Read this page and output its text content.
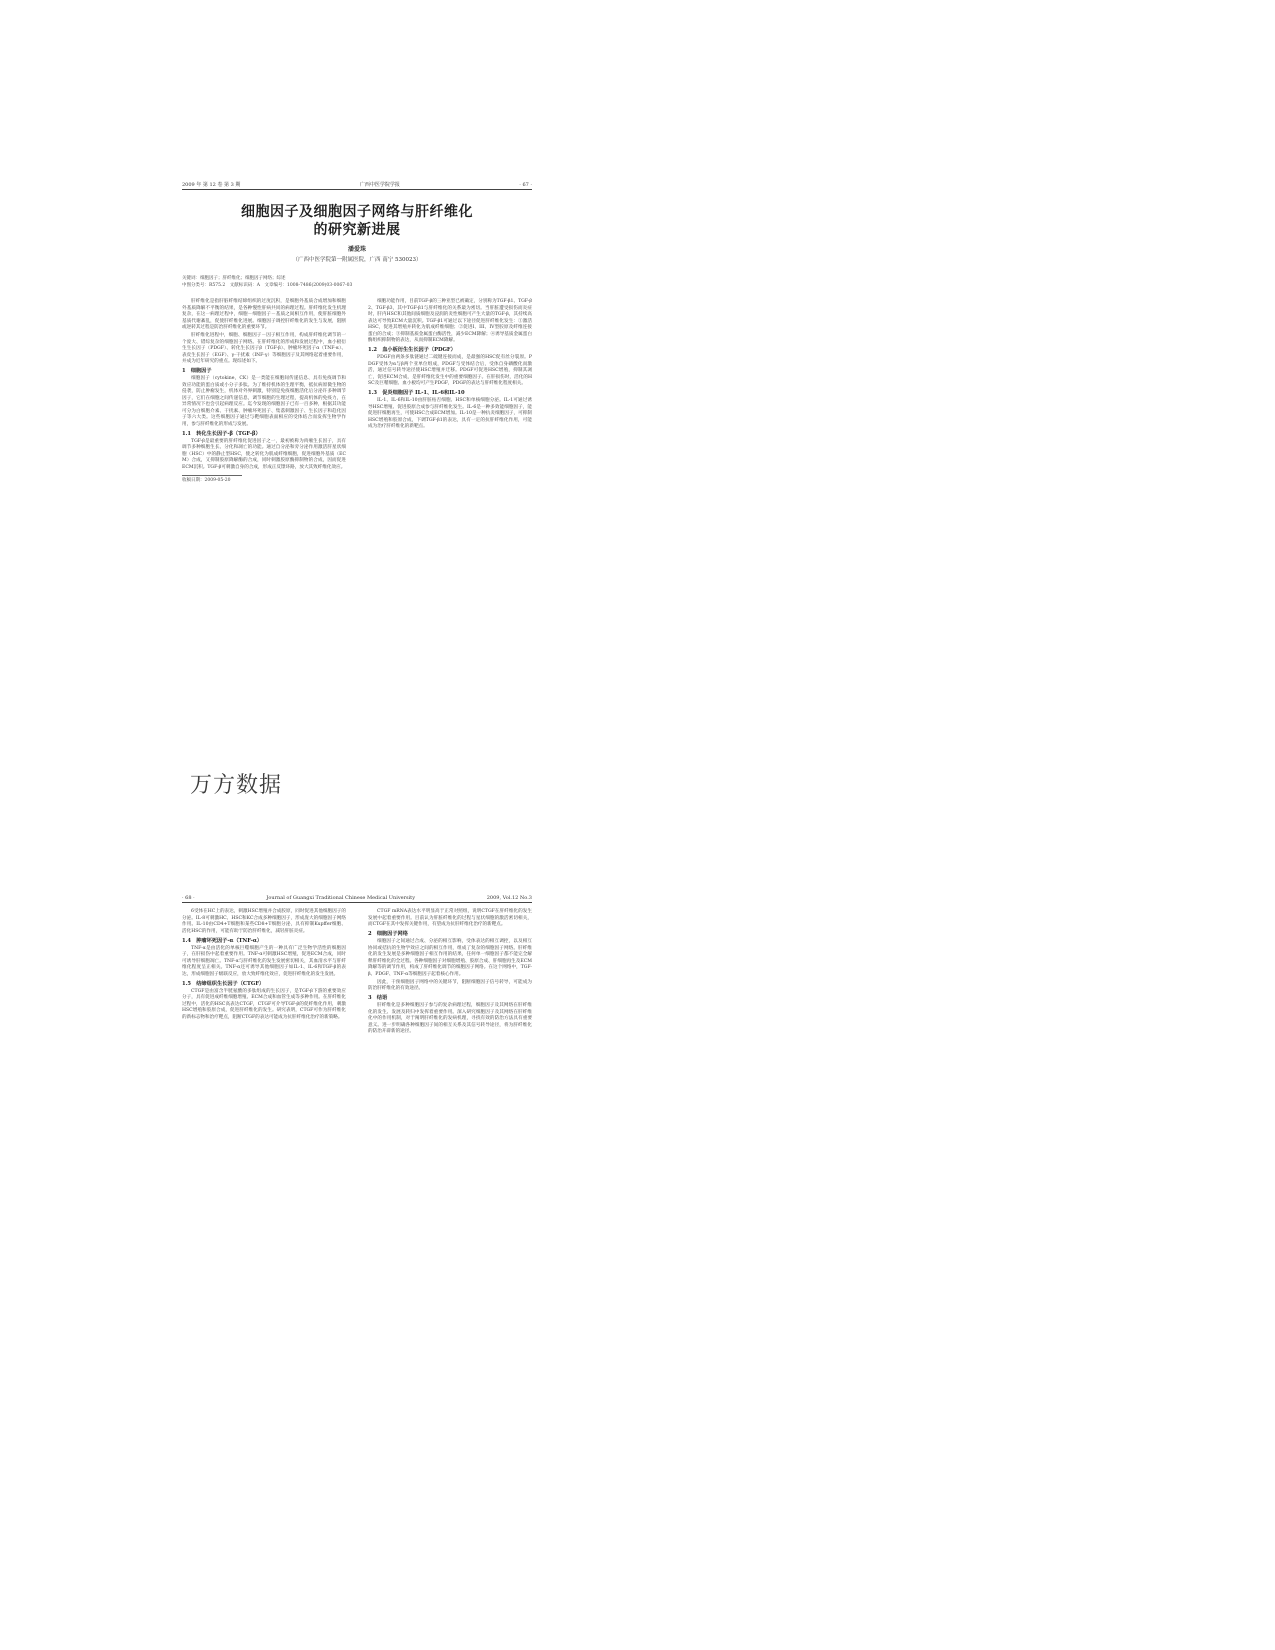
2009 年 第 12 卷 第 3 期	广西中医学院学报	· 67 ·
细胞因子及细胞因子网络与肝纤维化
的研究新进展
潘爱珠
（广西中医学院第一附属医院，广西 南宁 530023）
关键词：细胞因子；肝纤维化；细胞因子网络；综述
中图分类号：R575.2　文献标识码：A　文章编号：1008-7486(2009)03-0067-03
肝纤维化是指肝脏纤维结缔组织的过度沉积，是细胞外基质合成增加和细胞外基质降解不平衡的结果，是各种慢性肝病共同的病理过程。肝纤维化发生机理复杂，在这一病理过程中，细胞－细胞因子－基质之间相互作用，使肝脏细胞外基质代谢紊乱，促使肝纤维化进展。细胞因子调控肝纤维化的发生与发展，阻断或逆转其过程是防治肝纤维化的重要环节。
肝纤维化进程中，细胞、细胞因子－因子相互作用，构成肝纤维化调节的一个庞大、错综复杂的细胞因子网络。在肝纤维化的形成和发展过程中，血小板衍生生长因子（PDGF）、转化生长因子β（TGF-β）、肿瘤坏死因子α（TNF-α）、表皮生长因子（EGF）、γ-干扰素（INF-γ）等细胞因子及其网络起着重要作用，并成为近年研究的重点。现综述如下。
1　细胞因子
细胞因子（cytokine，CK）是一类能在细胞间传递信息、具有免疫调节和效应功能的蛋白质或小分子多肽。为了维持机体的生理平衡，抵抗病原微生物的侵袭，防止肿瘤发生，机体对外界刺激，特别是免疫细胞活化后分泌许多种调节因子，它们在细胞之间传递信息，调节细胞的生理过程，提高机体的免疫力，在异常情况下也会引起病理反应。迄今发现的细胞因子已有一百多种，根据其功能可分为白细胞介素、干扰素、肿瘤坏死因子、集落刺激因子、生长因子和趋化因子等六大类。这些细胞因子通过与靶细胞表面相应的受体结合而发挥生物学作用，参与肝纤维化的形成与发展。
1.1　转化生长因子-β（TGF-β）
TGF-β是最重要的肝纤维化促进因子之一，最初被称为肉瘤生长因子，具有调节多种细胞生长、分化和凋亡的功能。通过自分泌和旁分泌作用激活肝星状细胞（HSC）中的静止型HSC，使之转化为肌成纤维细胞，促进细胞外基质（ECM）合成，又抑制胶原降解酶的合成，同时刺激胶原酶抑制物的合成，因而促进ECM沉积。TGF-β可刺激自身的合成，形成正反馈环路，放大其致纤维化效应。
细胞功能作用，目前TGF-β的三种亚型已被确定，分别称为TGF-β1、TGF-β2、TGF-β3，其中TGF-β1与肝纤维化的关系最为密切。当肝脏遭受损伤而炎症时，肝内HSC和其他间质细胞及浸润的炎性细胞可产生大量的TGF-β，其持续高表达可导致ECM大量沉积。TGF-β1可通过以下途径促进肝纤维化发生：①激活HSC，促进其增殖并转化为肌成纤维细胞；②促进I、III、IV型胶原及纤维连接蛋白的合成；③抑制基质金属蛋白酶活性，减少ECM降解；④诱导基质金属蛋白酶组织抑制物的表达，从而抑制ECM降解。
1.2　血小板衍生生长因子（PDGF）
PDGF由两条多肽链通过二硫键连接而成，是最强的HSC促有丝分裂原。PDGF受体为α与β两个亚单位组成，PDGF与受体结合后，受体自身磷酸化而激活，通过信号转导途径使HSC增殖并迁移。PDGF可促进HSC增殖，抑制其凋亡，促进ECM合成，是肝纤维化发生中的重要细胞因子。在肝损伤时，活化的HSC及巨噬细胞、血小板均可产生PDGF，PDGF的表达与肝纤维化程度相关。
1.3　促炎细胞因子 IL-1、IL-6和IL-10
IL-1、IL-6和IL-10由肝脏枯否细胞、HSC和单核细胞分泌。IL-1可通过诱导HSC增殖、促进胶原合成参与肝纤维化发生。IL-6是一种多效能细胞因子，能促进肝细胞再生，可使HSC合成ECM增加。IL-10是一种抗炎细胞因子，可抑制HSC增殖和胶原合成，下调TGF-β1的表达，具有一定的抗肝纤维化作用，可能成为治疗肝纤维化的新靶点。
收稿日期：2009-05-20
万方数据
· 68 ·	Journal of Guangxi Traditional Chinese Medical University	2009, Vol.12 No.3
6受体在HC上的表达，刺激HSC增殖并合成胶原，同时促进其他细胞因子的分泌。IL-8可刺激HC、HSC和KC合成多种细胞因子，形成庞大的细胞因子网络作用。IL-10由CD4+T细胞和某些CD8+T细胞分泌，具有抑制Kupffer细胞、活化HSC的作用，可能有助于防治肝纤维化，减轻肝脏炎症。
1.4　肿瘤坏死因子-α（TNF-α）
TNF-α是由活化的单核巨噬细胞产生的一种具有广泛生物学活性的细胞因子，在肝损伤中起着重要作用。TNF-α可刺激HSC增殖，促进ECM合成，同时可诱导肝细胞凋亡。TNF-α与肝纤维化的发生发展密切相关，其血清水平与肝纤维化程度呈正相关。TNF-α还可诱导其他细胞因子如IL-1、IL-6和TGF-β的表达，形成细胞因子级联反应，放大致纤维化效应，促进肝纤维化的发生发展。
1.5　结缔组织生长因子（CTGF）
CTGF是由富含半胱氨酸的多肽组成的生长因子，是TGF-β下游的重要效应分子，具有促进成纤维细胞增殖、ECM合成和血管生成等多种作用。在肝纤维化过程中，活化的HSC高表达CTGF，CTGF可介导TGF-β的促纤维化作用，刺激HSC增殖和胶原合成，促进肝纤维化的发生。研究表明，CTGF可作为肝纤维化的新标志物和治疗靶点，阻断CTGF的表达可能成为抗肝纤维化治疗的新策略。
CTGF mRNA表达水平明显高于正常对照组，说明CTGF在肝纤维化的发生发展中起着重要作用。目前认为肝脏纤维化的过程与星状细胞的激活密切相关，而CTGF在其中发挥关键作用，有望成为抗肝纤维化治疗的新靶点。
2　细胞因子网络
细胞因子之间通过合成、分泌的相互影响，受体表达的相互调控，以及相互协同或拮抗的生物学效应之间的相互作用，组成了复杂的细胞因子网络。肝纤维化的发生发展是多种细胞因子相互作用的结果，任何单一细胞因子都不能完全解释肝纤维化的全过程。各种细胞因子对细胞增殖、胶原合成、肝细胞再生及ECM降解等的调节作用，构成了肝纤维化调节的细胞因子网络。在这个网络中，TGF-β、PDGF、TNF-α等细胞因子起着核心作用。
因此，干预细胞因子网络中的关键环节，阻断细胞因子信号转导，可能成为防治肝纤维化的有效途径。
3　结语
肝纤维化是多种细胞因子参与的复杂病理过程，细胞因子及其网络在肝纤维化的发生、发展及转归中发挥着重要作用。深入研究细胞因子及其网络在肝纤维化中的作用机制，对于阐明肝纤维化的发病机理，寻找有效的防治方法具有重要意义。进一步明确各种细胞因子间的相互关系及其信号转导途径，将为肝纤维化的防治开辟新的途径。
